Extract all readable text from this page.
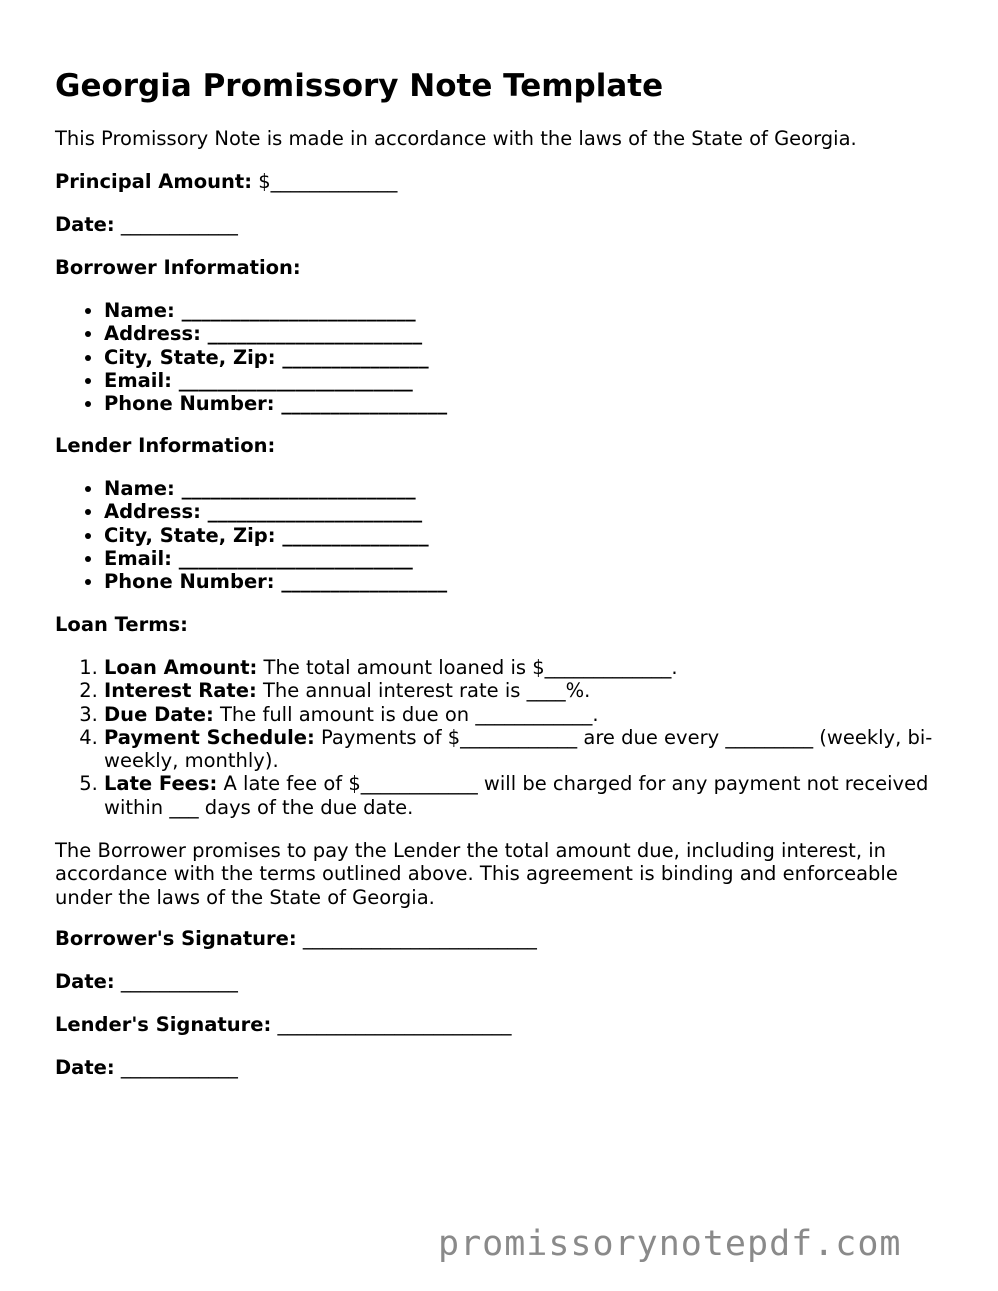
Georgia Promissory Note Template

This Promissory Note is made in accordance with the laws of the State of Georgia.

Principal Amount: $_____________

Date: ____________

Borrower Information:

• Name: ________________________
• Address: ______________________
• City, State, Zip: _______________
• Email: ________________________
• Phone Number: _________________

Lender Information:

• Name: ________________________
• Address: ______________________
• City, State, Zip: _______________
• Email: ________________________
• Phone Number: _________________

Loan Terms:

1. Loan Amount: The total amount loaned is $_____________.
2. Interest Rate: The annual interest rate is ____%.
3. Due Date: The full amount is due on ____________.
4. Payment Schedule: Payments of $____________ are due every _________ (weekly, bi-weekly, monthly).
5. Late Fees: A late fee of $____________ will be charged for any payment not received within ___ days of the due date.

The Borrower promises to pay the Lender the total amount due, including interest, in accordance with the terms outlined above. This agreement is binding and enforceable under the laws of the State of Georgia.

Borrower's Signature: ________________________

Date: ____________

Lender's Signature: ________________________

Date: ____________

promissorynotepdf.com
